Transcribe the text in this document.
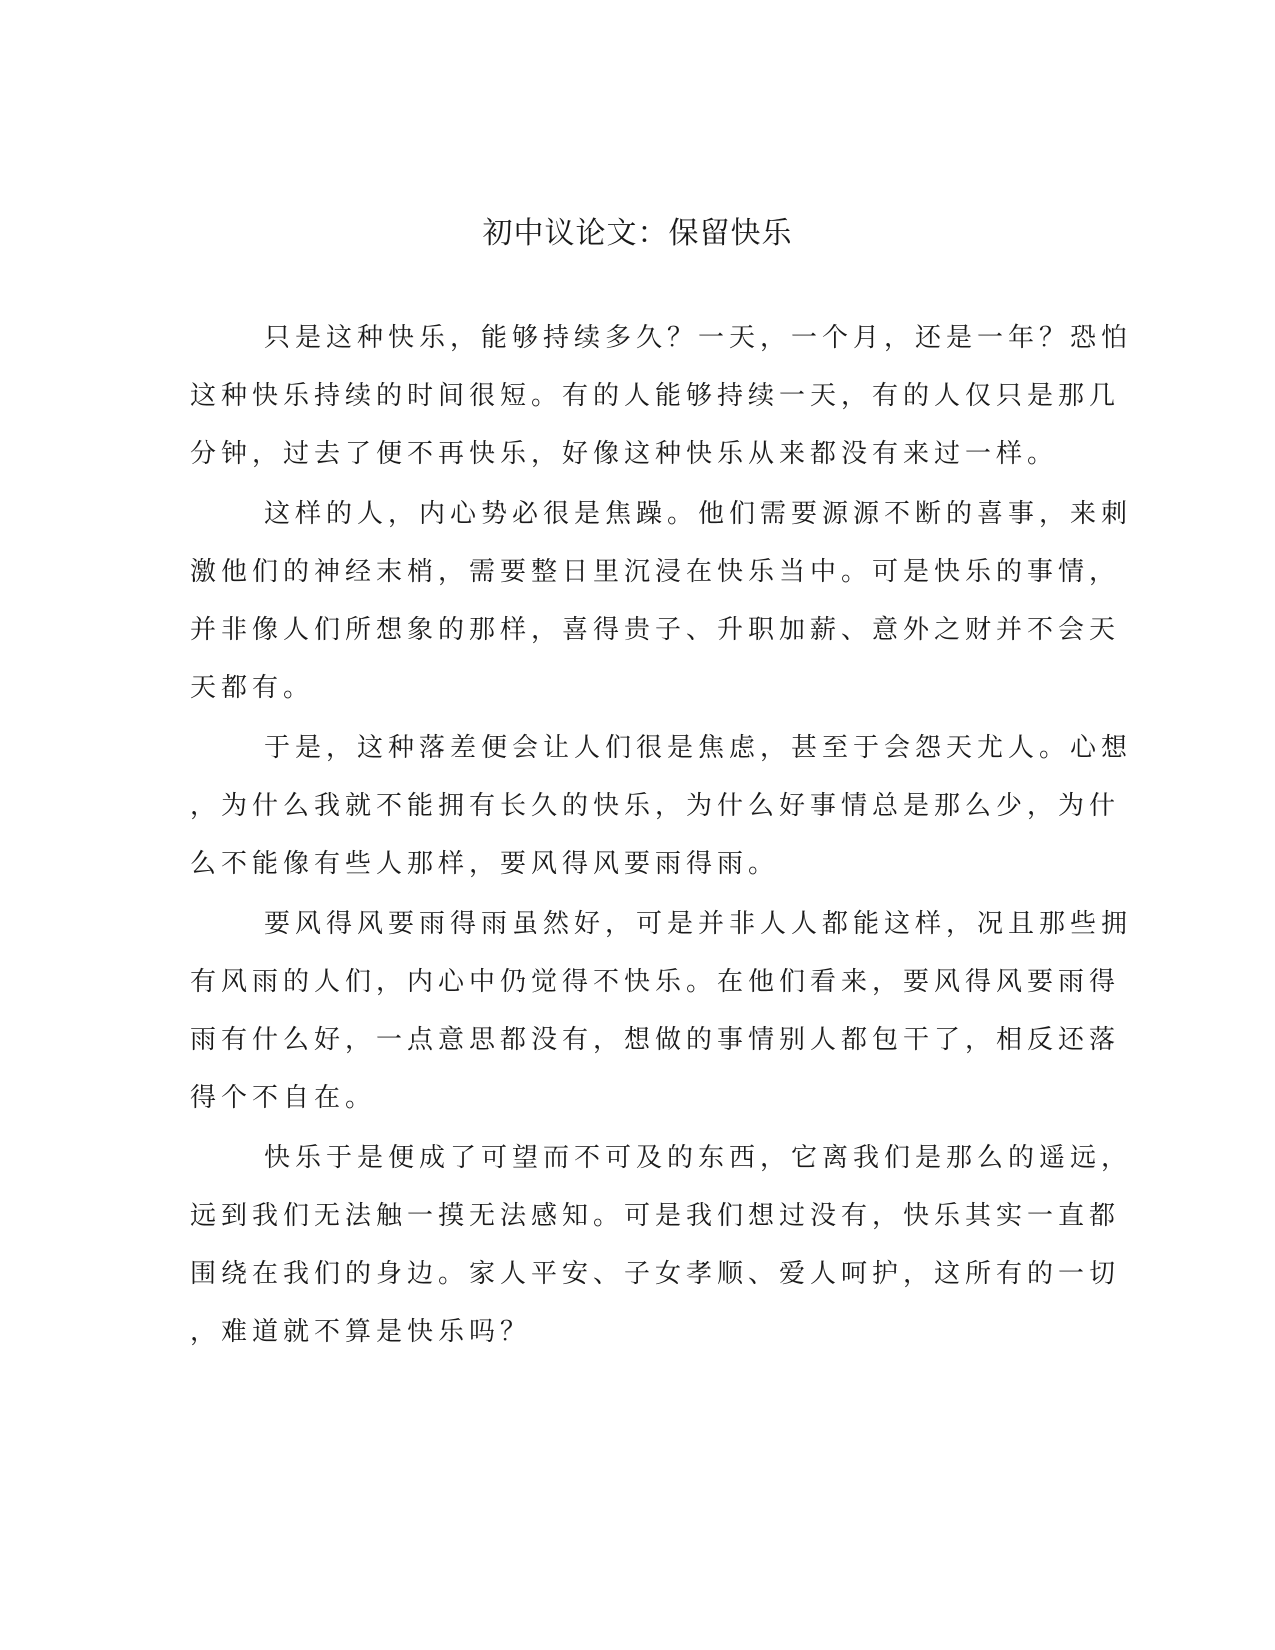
初中议论文：保留快乐
只是这种快乐，能够持续多久？一天，一个月，还是一年？恐怕
这种快乐持续的时间很短。有的人能够持续一天，有的人仅只是那几
分钟，过去了便不再快乐，好像这种快乐从来都没有来过一样。
这样的人，内心势必很是焦躁。他们需要源源不断的喜事，来刺
激他们的神经末梢，需要整日里沉浸在快乐当中。可是快乐的事情，
并非像人们所想象的那样，喜得贵子、升职加薪、意外之财并不会天
天都有。
于是，这种落差便会让人们很是焦虑，甚至于会怨天尤人。心想
，为什么我就不能拥有长久的快乐，为什么好事情总是那么少，为什
么不能像有些人那样，要风得风要雨得雨。
要风得风要雨得雨虽然好，可是并非人人都能这样，况且那些拥
有风雨的人们，内心中仍觉得不快乐。在他们看来，要风得风要雨得
雨有什么好，一点意思都没有，想做的事情别人都包干了，相反还落
得个不自在。
快乐于是便成了可望而不可及的东西，它离我们是那么的遥远，
远到我们无法触一摸无法感知。可是我们想过没有，快乐其实一直都
围绕在我们的身边。家人平安、子女孝顺、爱人呵护，这所有的一切
，难道就不算是快乐吗？
